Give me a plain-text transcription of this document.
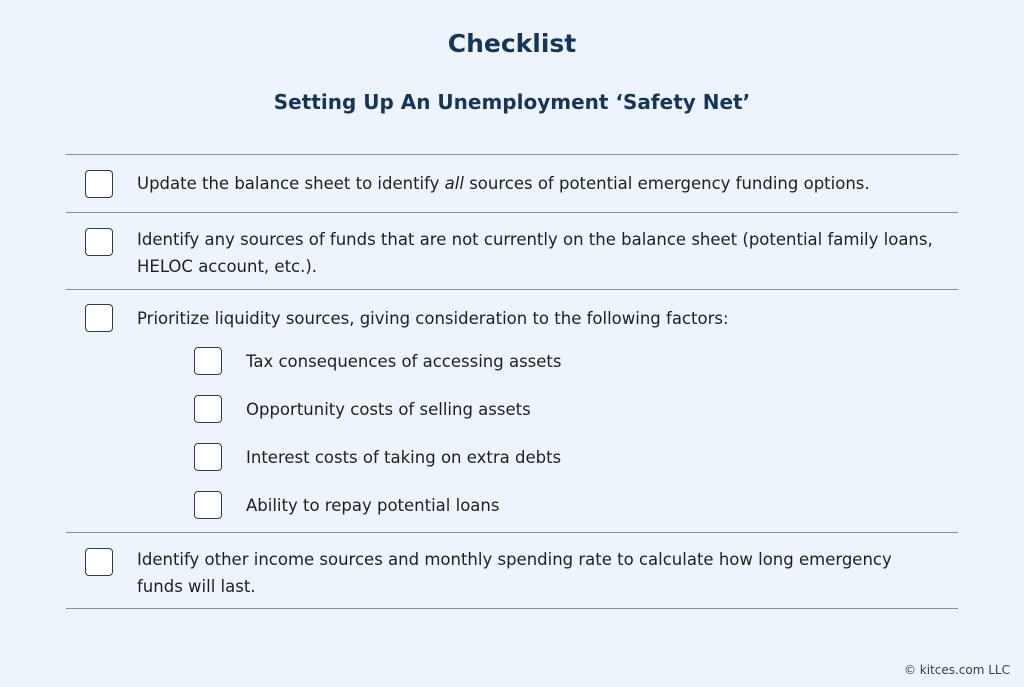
Checklist
Setting Up An Unemployment ‘Safety Net’
Update the balance sheet to identify all sources of potential emergency funding options.
Identify any sources of funds that are not currently on the balance sheet (potential family loans, HELOC account, etc.).
Prioritize liquidity sources, giving consideration to the following factors:
Tax consequences of accessing assets
Opportunity costs of selling assets
Interest costs of taking on extra debts
Ability to repay potential loans
Identify other income sources and monthly spending rate to calculate how long emergency funds will last.
© kitces.com LLC
